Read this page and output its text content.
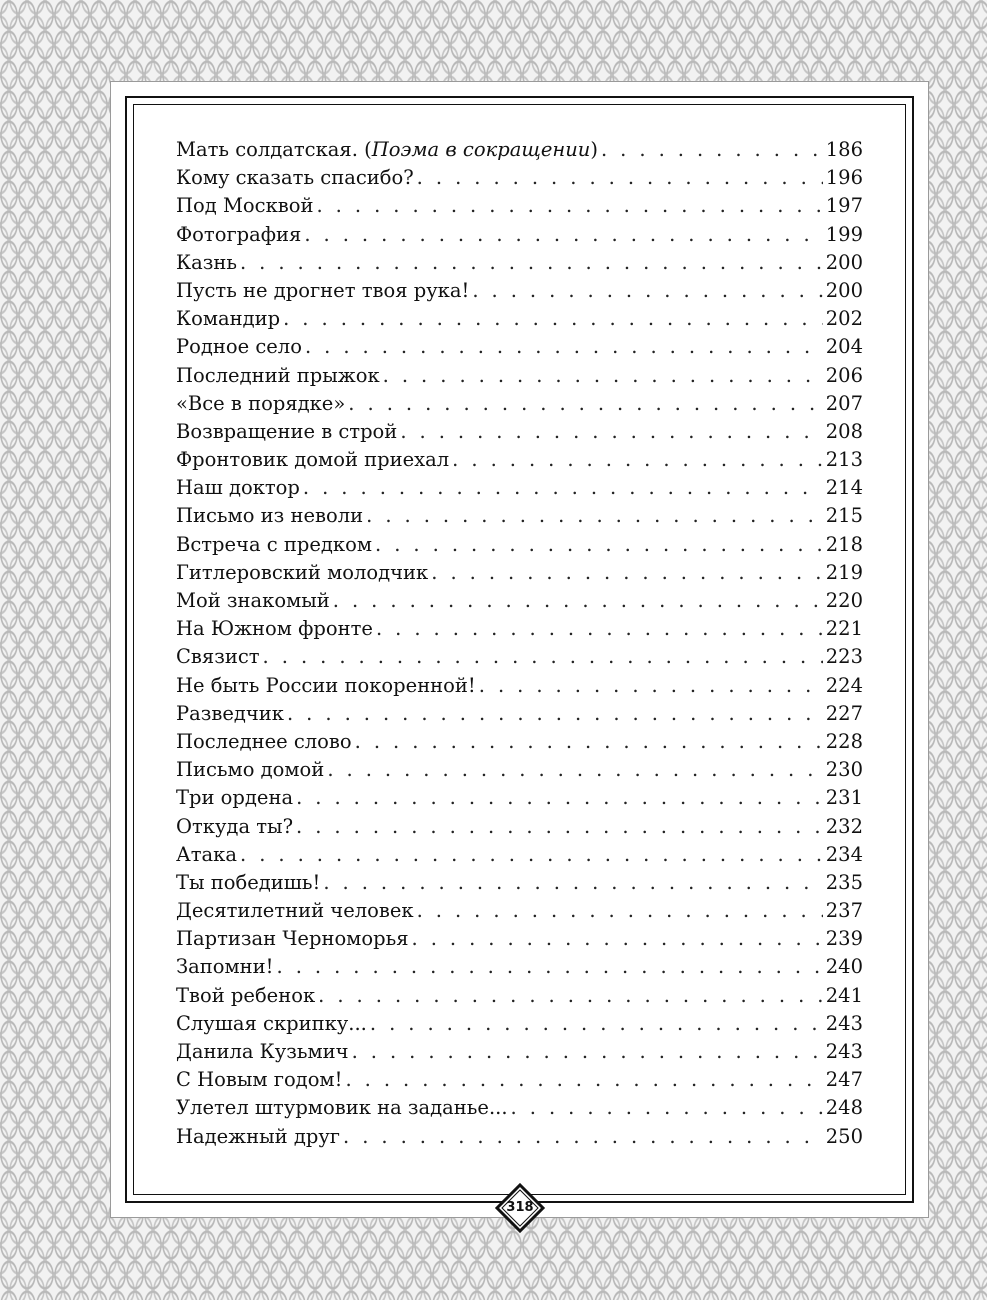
Мать солдатская. (Поэма в сокращении) . . .	186
Кому сказать спасибо? . . .	196
Под Москвой . . .	197
Фотография . . .	199
Казнь . . .	200
Пусть не дрогнет твоя рука! . . .	200
Командир . . .	202
Родное село . . .	204
Последний прыжок . . .	206
«Все в порядке» . . .	207
Возвращение в строй . . .	208
Фронтовик домой приехал . . .	213
Наш доктор . . .	214
Письмо из неволи . . .	215
Встреча с предком . . .	218
Гитлеровский молодчик . . .	219
Мой знакомый . . .	220
На Южном фронте . . .	221
Связист . . .	223
Не быть России покоренной! . . .	224
Разведчик . . .	227
Последнее слово . . .	228
Письмо домой . . .	230
Три ордена . . .	231
Откуда ты? . . .	232
Атака . . .	234
Ты победишь! . . .	235
Десятилетний человек . . .	237
Партизан Черноморья . . .	239
Запомни! . . .	240
Твой ребенок . . .	241
Слушая скрипку... . . .	243
Данила Кузьмич . . .	243
С Новым годом! . . .	247
Улетел штурмовик на заданье... . . .	248
Надежный друг . . .	250
318
